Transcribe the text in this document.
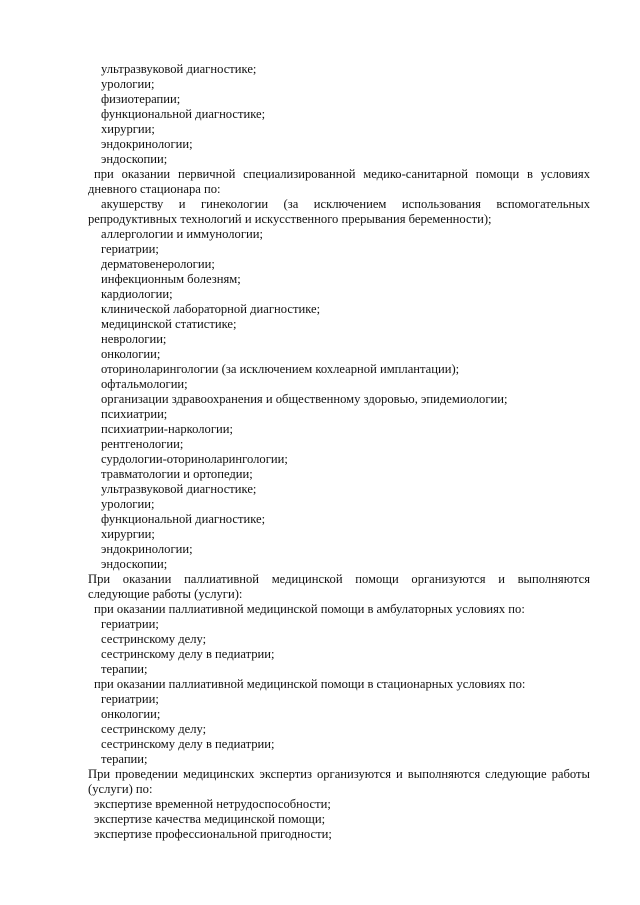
ультразвуковой диагностике;
урологии;
физиотерапии;
функциональной диагностике;
хирургии;
эндокринологии;
эндоскопии;
при оказании первичной специализированной медико-санитарной помощи в условиях
дневного стационара по:
акушерству и гинекологии (за исключением использования вспомогательных
репродуктивных технологий и искусственного прерывания беременности);
аллергологии и иммунологии;
гериатрии;
дерматовенерологии;
инфекционным болезням;
кардиологии;
клинической лабораторной диагностике;
медицинской статистике;
неврологии;
онкологии;
оториноларингологии (за исключением кохлеарной имплантации);
офтальмологии;
организации здравоохранения и общественному здоровью, эпидемиологии;
психиатрии;
психиатрии-наркологии;
рентгенологии;
сурдологии-оториноларингологии;
травматологии и ортопедии;
ультразвуковой диагностике;
урологии;
функциональной диагностике;
хирургии;
эндокринологии;
эндоскопии;
При оказании паллиативной медицинской помощи организуются и выполняются
следующие работы (услуги):
при оказании паллиативной медицинской помощи в амбулаторных условиях по:
гериатрии;
сестринскому делу;
сестринскому делу в педиатрии;
терапии;
при оказании паллиативной медицинской помощи в стационарных условиях по:
гериатрии;
онкологии;
сестринскому делу;
сестринскому делу в педиатрии;
терапии;
При проведении медицинских экспертиз организуются и выполняются следующие работы
(услуги) по:
экспертизе временной нетрудоспособности;
экспертизе качества медицинской помощи;
экспертизе профессиональной пригодности;
